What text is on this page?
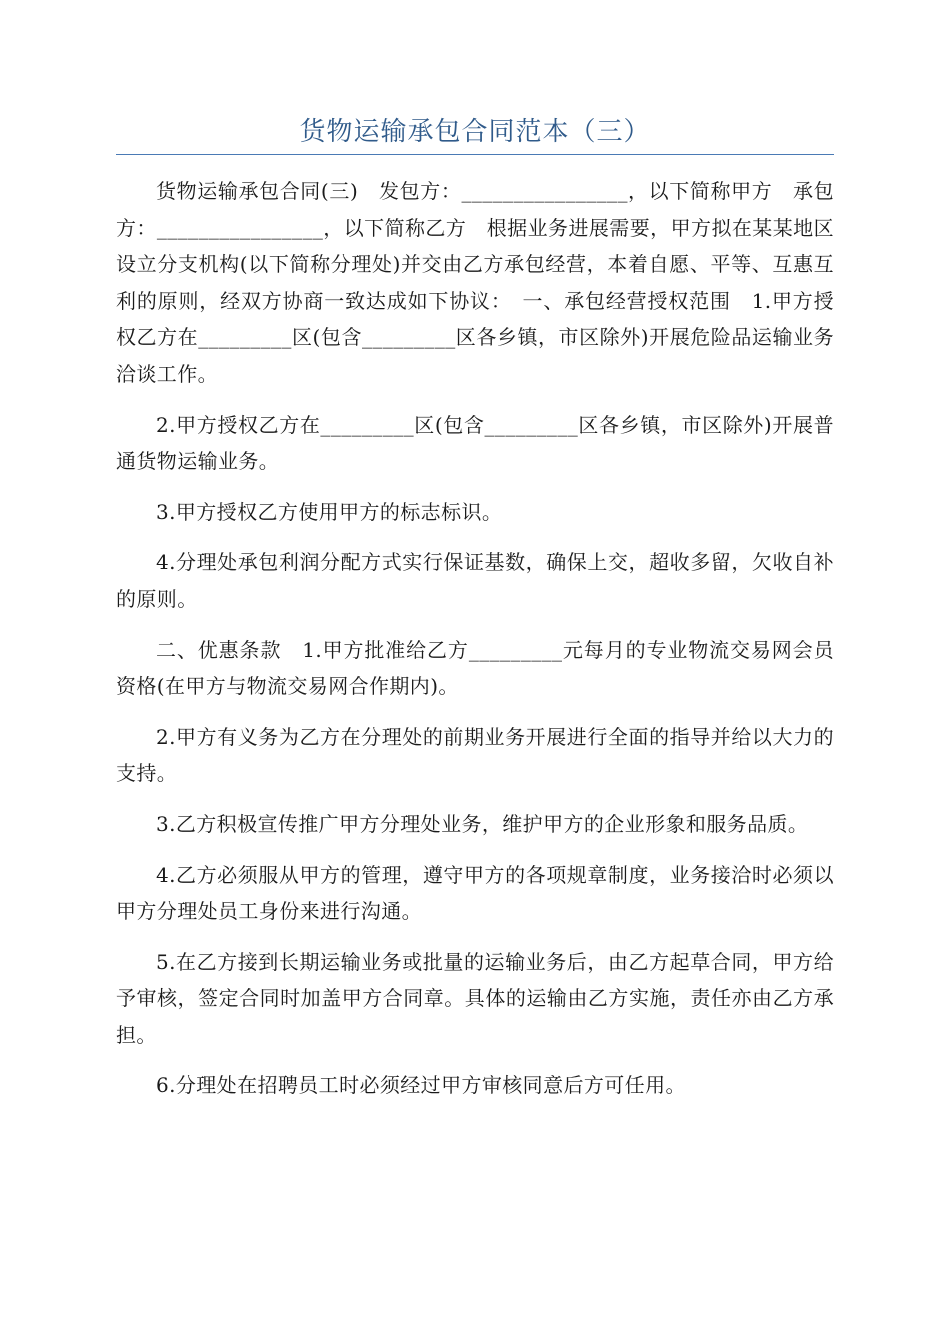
货物运输承包合同范本（三）

货物运输承包合同(三)　发包方：________________，以下简称甲方　承包方：________________，以下简称乙方　根据业务进展需要，甲方拟在某某地区设立分支机构(以下简称分理处)并交由乙方承包经营，本着自愿、平等、互惠互利的原则，经双方协商一致达成如下协议：　一、承包经营授权范围　1.甲方授权乙方在_________区(包含_________区各乡镇，市区除外)开展危险品运输业务洽谈工作。

2.甲方授权乙方在_________区(包含_________区各乡镇，市区除外)开展普通货物运输业务。

3.甲方授权乙方使用甲方的标志标识。

4.分理处承包利润分配方式实行保证基数，确保上交，超收多留，欠收自补的原则。

二、优惠条款　1.甲方批准给乙方_________元每月的专业物流交易网会员资格(在甲方与物流交易网合作期内)。

2.甲方有义务为乙方在分理处的前期业务开展进行全面的指导并给以大力的支持。

3.乙方积极宣传推广甲方分理处业务，维护甲方的企业形象和服务品质。

4.乙方必须服从甲方的管理，遵守甲方的各项规章制度，业务接洽时必须以甲方分理处员工身份来进行沟通。

5.在乙方接到长期运输业务或批量的运输业务后，由乙方起草合同，甲方给予审核，签定合同时加盖甲方合同章。具体的运输由乙方实施，责任亦由乙方承担。

6.分理处在招聘员工时必须经过甲方审核同意后方可任用。
